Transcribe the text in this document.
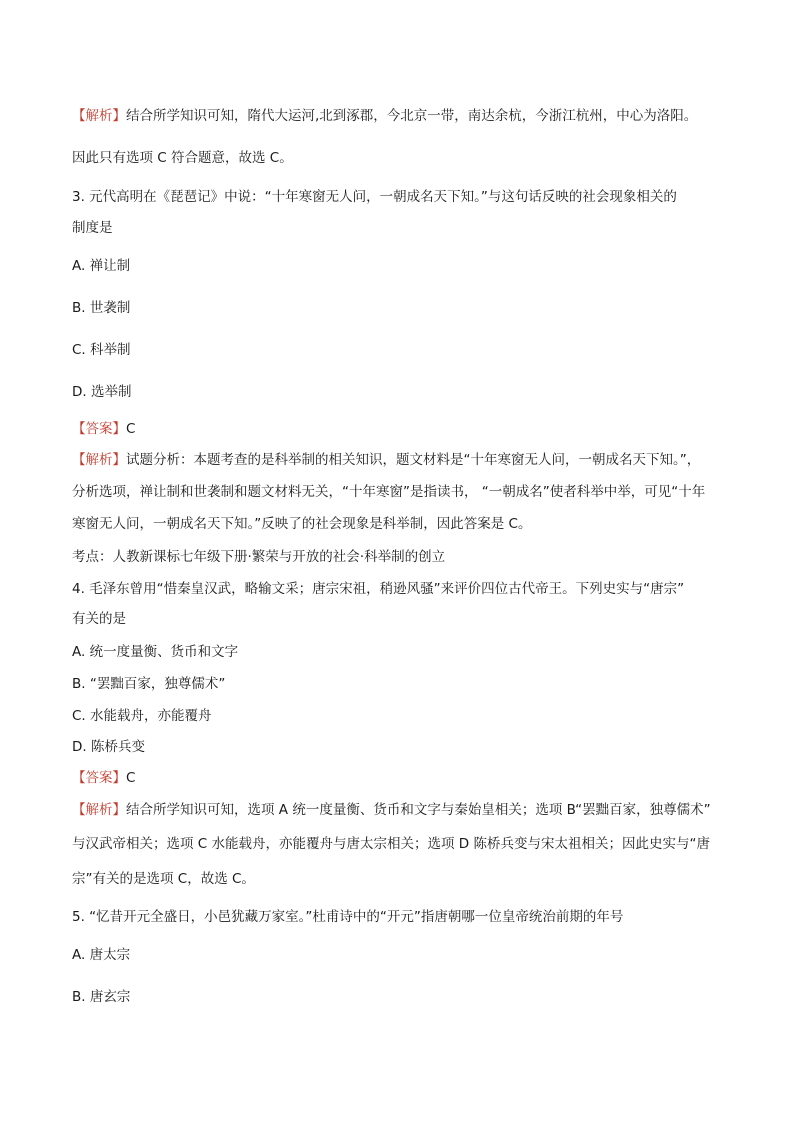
【解析】结合所学知识可知，隋代大运河,北到涿郡，今北京一带，南达余杭，今浙江杭州，中心为洛阳。
因此只有选项 C 符合题意，故选 C。
3. 元代高明在《琵琶记》中说：“十年寒窗无人问，一朝成名天下知。”与这句话反映的社会现象相关的
制度是
A. 禅让制
B. 世袭制
C. 科举制
D. 选举制
【答案】C
【解析】试题分析：本题考查的是科举制的相关知识，题文材料是“十年寒窗无人问，一朝成名天下知。”，
分析选项，禅让制和世袭制和题文材料无关，“十年寒窗”是指读书， “一朝成名”使者科举中举，可见“十年
寒窗无人问，一朝成名天下知。”反映了的社会现象是科举制，因此答案是 C。
考点：人教新课标七年级下册·繁荣与开放的社会·科举制的创立
4. 毛泽东曾用“惜秦皇汉武，略输文采；唐宗宋祖，稍逊风骚”来评价四位古代帝王。下列史实与“唐宗”
有关的是
A. 统一度量衡、货币和文字
B. “罢黜百家，独尊儒术”
C. 水能载舟，亦能覆舟
D. 陈桥兵变
【答案】C
【解析】结合所学知识可知，选项 A 统一度量衡、货币和文字与秦始皇相关；选项 B“罢黜百家，独尊儒术”
与汉武帝相关；选项 C 水能载舟，亦能覆舟与唐太宗相关；选项 D 陈桥兵变与宋太祖相关；因此史实与“唐
宗”有关的是选项 C，故选 C。
5. “忆昔开元全盛日，小邑犹藏万家室。”杜甫诗中的“开元”指唐朝哪一位皇帝统治前期的年号
A. 唐太宗
B. 唐玄宗
